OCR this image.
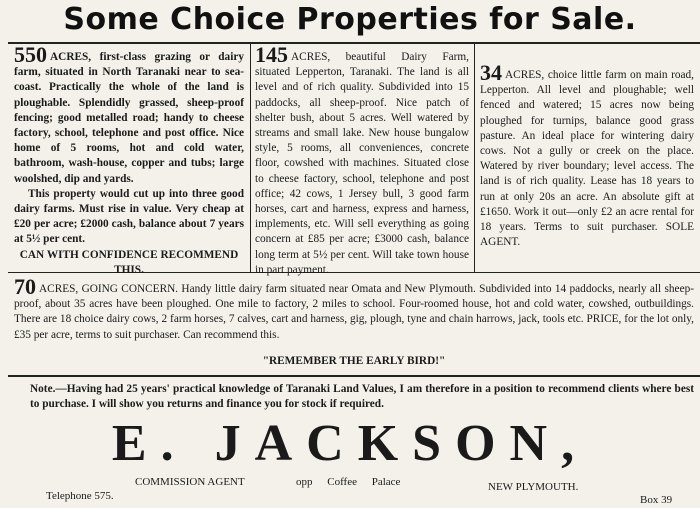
Some Choice Properties for Sale.
550 ACRES, first-class grazing or dairy farm, situated in North Taranaki near to sea-coast. Practically the whole of the land is ploughable. Splendidly grassed, sheep-proof fencing; good metalled road; handy to cheese factory, school, telephone and post office. Nice home of 5 rooms, hot and cold water, bathroom, wash-house, copper and tubs; large woolshed, dip and yards.
This property would cut up into three good dairy farms. Must rise in value. Very cheap at £20 per acre; £2000 cash, balance about 7 years at 5½ per cent.
CAN WITH CONFIDENCE RECOMMEND THIS.
145 ACRES, beautiful Dairy Farm, situated Lepperton, Taranaki. The land is all level and of rich quality. Subdivided into 15 paddocks, all sheep-proof. Nice patch of shelter bush, about 5 acres. Well watered by streams and small lake. New house bungalow style, 5 rooms, all conveniences, concrete floor, cowshed with machines. Situated close to cheese factory, school, telephone and post office; 42 cows, 1 Jersey bull, 3 good farm horses, cart and harness, express and harness, implements, etc. Will sell everything as going concern at £85 per acre; £3000 cash, balance long term at 5½ per cent. Will take town house in part payment.
34 ACRES, choice little farm on main road, Lepperton. All level and ploughable; well fenced and watered; 15 acres now being ploughed for turnips, balance good grass pasture. An ideal place for wintering dairy cows. Not a gully or creek on the place. Watered by river boundary; level access. The land is of rich quality. Lease has 18 years to run at only 20s an acre. An absolute gift at £1650. Work it out—only £2 an acre rental for 18 years. Terms to suit purchaser. SOLE AGENT.
70 ACRES, GOING CONCERN. Handy little dairy farm situated near Omata and New Plymouth. Subdivided into 14 paddocks, nearly all sheep-proof, about 35 acres have been ploughed. One mile to factory, 2 miles to school. Four-roomed house, hot and cold water, cowshed, outbuildings. There are 18 choice dairy cows, 2 farm horses, 7 calves, cart and harness, gig, plough, tyne and chain harrows, jack, tools etc. PRICE, for the lot only, £35 per acre, terms to suit purchaser. Can recommend this.
"REMEMBER THE EARLY BIRD!"
Note.—Having had 25 years' practical knowledge of Taranaki Land Values, I am therefore in a position to recommend clients where best to purchase. I will show you returns and finance you for stock if required.
E. JACKSON,
COMMISSION AGENT	opp Coffee Palace	NEW PLYMOUTH.
Telephone 575.	Box 39
